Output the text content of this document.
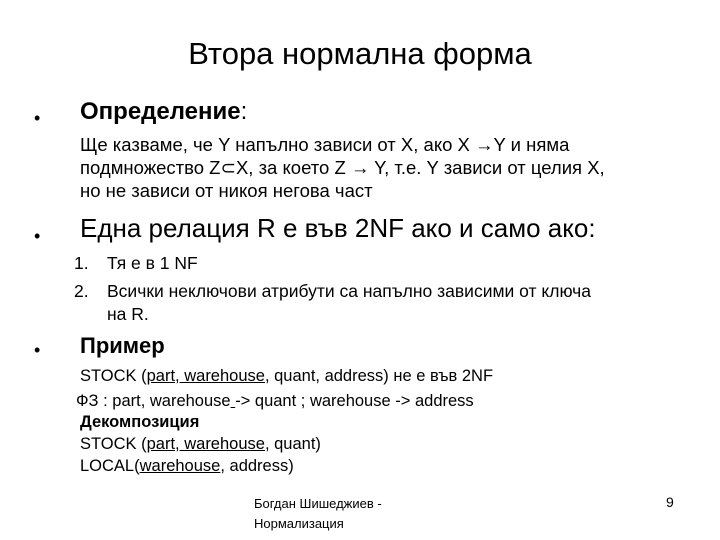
Втора нормална форма
• Определение:
Ще казваме, че Y напълно зависи от X, ако X →Y и няма
подмножество Z⊂X, за което Z → Y, т.е. Y зависи от целия X,
но не зависи от никоя негова част
• Една релация R е във 2NF ако и само ако:
1. Тя е в 1 NF
2. Всички неключови атрибути са напълно зависими от ключа
на R.
• Пример
STOCK (part, warehouse, quant, address) не е във 2NF
ФЗ : part, warehouse -> quant ; warehouse -> address
Декомпозиция
STOCK (part, warehouse, quant)
LOCAL(warehouse, address)
Богдан Шишеджиев -
Нормализация
9
